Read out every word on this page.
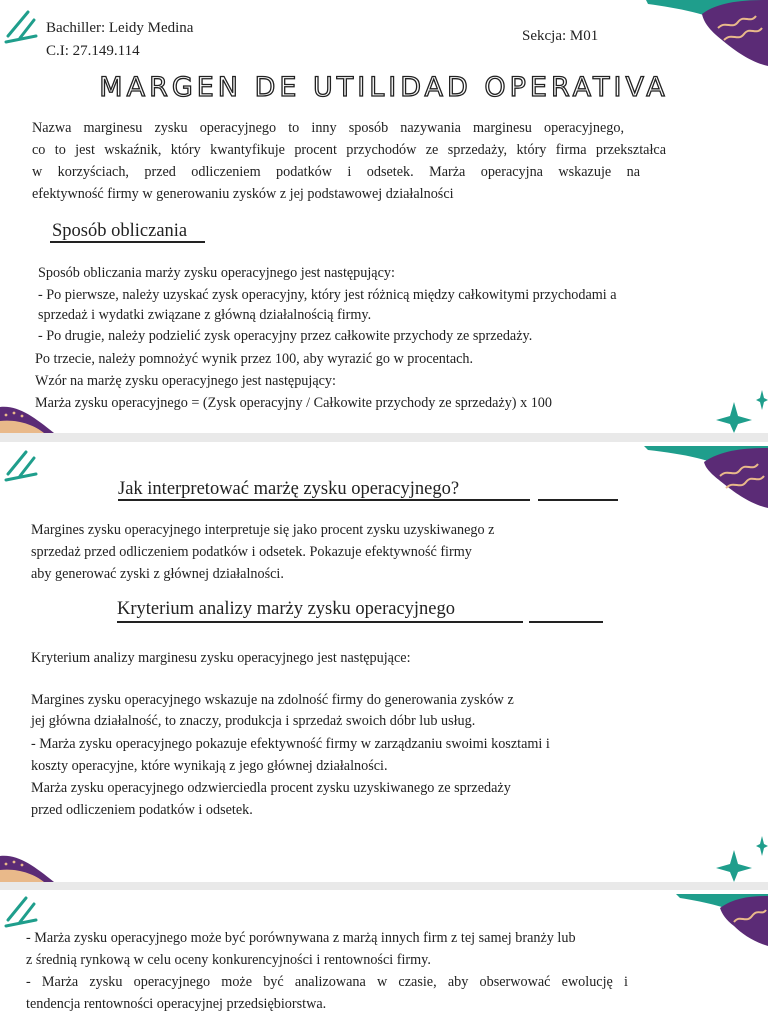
Bachiller: Leidy Medina
C.I: 27.149.114
Sekcja: M01
MARGEN DE UTILIDAD OPERATIVA
Nazwa marginesu zysku operacyjnego to inny sposób nazywania marginesu operacyjnego,
co to jest wskaźnik, który kwantyfikuje procent przychodów ze sprzedaży, który firma przekształca
w korzyściach, przed odliczeniem podatków i odsetek. Marża operacyjna wskazuje na
efektywność firmy w generowaniu zysków z jej podstawowej działalności
Sposób obliczania
Sposób obliczania marży zysku operacyjnego jest następujący:
- Po pierwsze, należy uzyskać zysk operacyjny, który jest różnicą między całkowitymi przychodami a
sprzedaż i wydatki związane z główną działalnością firmy.
- Po drugie, należy podzielić zysk operacyjny przez całkowite przychody ze sprzedaży.
Po trzecie, należy pomnożyć wynik przez 100, aby wyrazić go w procentach.
Wzór na marżę zysku operacyjnego jest następujący:
Marża zysku operacyjnego = (Zysk operacyjny / Całkowite przychody ze sprzedaży) x 100
Jak interpretować marżę zysku operacyjnego?
Margines zysku operacyjnego interpretuje się jako procent zysku uzyskiwanego z
sprzedaż przed odliczeniem podatków i odsetek. Pokazuje efektywność firmy
aby generować zyski z głównej działalności.
Kryterium analizy marży zysku operacyjnego
Kryterium analizy marginesu zysku operacyjnego jest następujące:
Margines zysku operacyjnego wskazuje na zdolność firmy do generowania zysków z
jej główna działalność, to znaczy, produkcja i sprzedaż swoich dóbr lub usług.
- Marża zysku operacyjnego pokazuje efektywność firmy w zarządzaniu swoimi kosztami i
koszty operacyjne, które wynikają z jego głównej działalności.
Marża zysku operacyjnego odzwierciedla procent zysku uzyskiwanego ze sprzedaży
przed odliczeniem podatków i odsetek.
- Marża zysku operacyjnego może być porównywana z marżą innych firm z tej samej branży lub
z średnią rynkową w celu oceny konkurencyjności i rentowności firmy.
- Marża zysku operacyjnego może być analizowana w czasie, aby obserwować ewolucję i
tendencja rentowności operacyjnej przedsiębiorstwa.
